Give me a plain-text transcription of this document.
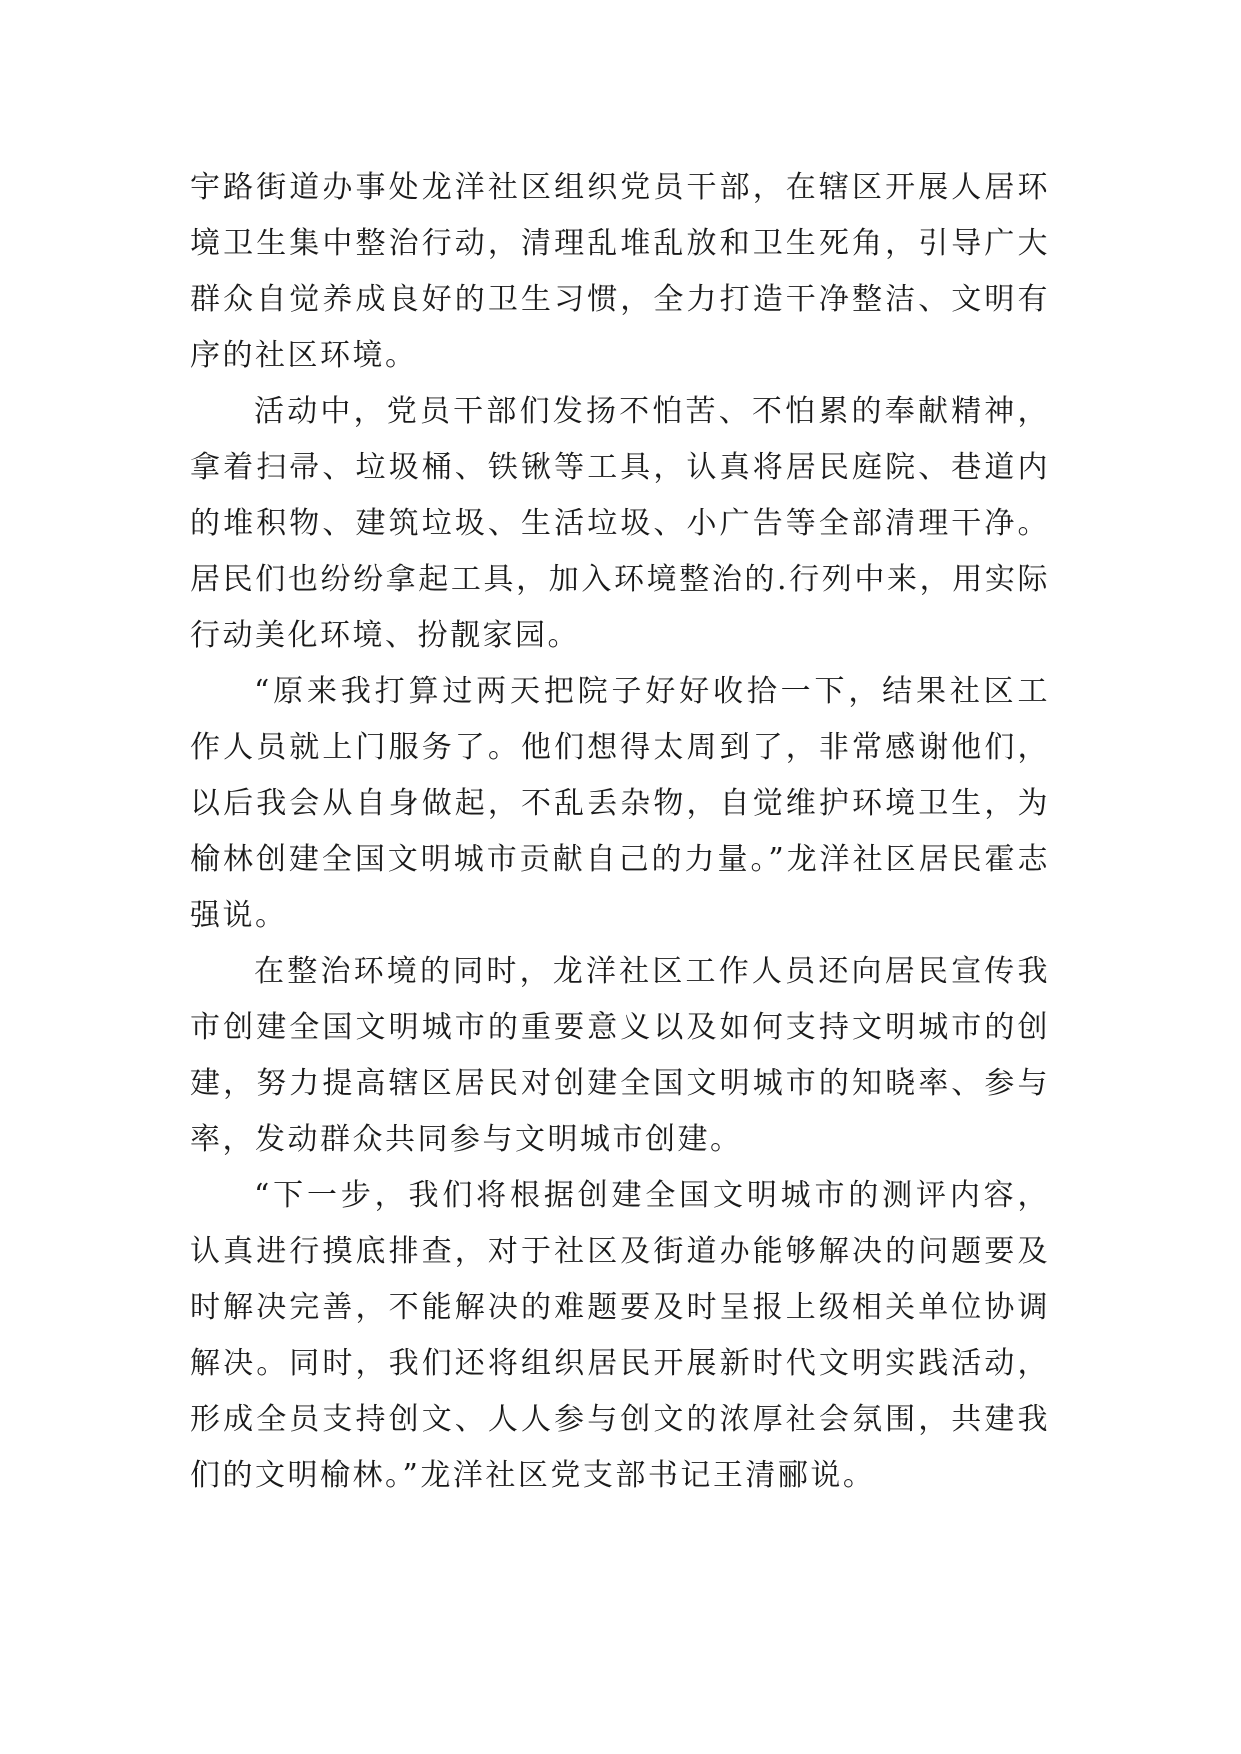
宇路街道办事处龙洋社区组织党员干部，在辖区开展人居环境卫生集中整治行动，清理乱堆乱放和卫生死角，引导广大群众自觉养成良好的卫生习惯，全力打造干净整洁、文明有序的社区环境。

活动中，党员干部们发扬不怕苦、不怕累的奉献精神，拿着扫帚、垃圾桶、铁锹等工具，认真将居民庭院、巷道内的堆积物、建筑垃圾、生活垃圾、小广告等全部清理干净。居民们也纷纷拿起工具，加入环境整治的.行列中来，用实际行动美化环境、扮靓家园。

“原来我打算过两天把院子好好收拾一下，结果社区工作人员就上门服务了。他们想得太周到了，非常感谢他们，以后我会从自身做起，不乱丢杂物，自觉维护环境卫生，为榆林创建全国文明城市贡献自己的力量。”龙洋社区居民霍志强说。

在整治环境的同时，龙洋社区工作人员还向居民宣传我市创建全国文明城市的重要意义以及如何支持文明城市的创建，努力提高辖区居民对创建全国文明城市的知晓率、参与率，发动群众共同参与文明城市创建。

“下一步，我们将根据创建全国文明城市的测评内容，认真进行摸底排查，对于社区及街道办能够解决的问题要及时解决完善，不能解决的难题要及时呈报上级相关单位协调解决。同时，我们还将组织居民开展新时代文明实践活动，形成全员支持创文、人人参与创文的浓厚社会氛围，共建我们的文明榆林。”龙洋社区党支部书记王清郦说。
